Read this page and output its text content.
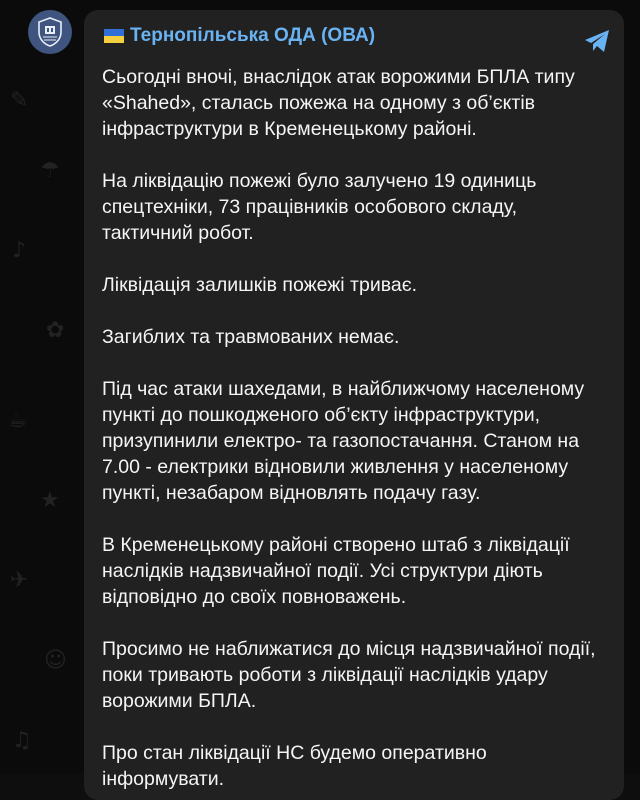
✎
☂
♪
✿
☕
★
✈
☺
♫
Тернопільська ОДА (ОВА)

Сьогодні вночі, внаслідок атак ворожими БПЛА типу «Shahed», сталась пожежа на одному з об’єктів інфраструктури в Кременецькому районі.

На ліквідацію пожежі було залучено 19 одиниць спецтехніки, 73 працівників особового складу, тактичний робот.

Ліквідація залишків пожежі триває.

Загиблих та травмованих немає.

Під час атаки шахедами, в найближчому населеному пункті до пошкодженого об’єкту інфраструктури, призупинили електро- та газопостачання. Станом на 7.00 - електрики відновили живлення у населеному пункті, незабаром відновлять подачу газу.

В Кременецькому районі створено штаб з ліквідації наслідків надзвичайної події. Усі структури діють відповідно до своїх повноважень.

Просимо не наближатися до місця надзвичайної події, поки тривають роботи з ліквідації наслідків удару ворожими БПЛА.

Про стан ліквідації НС будемо оперативно інформувати.
